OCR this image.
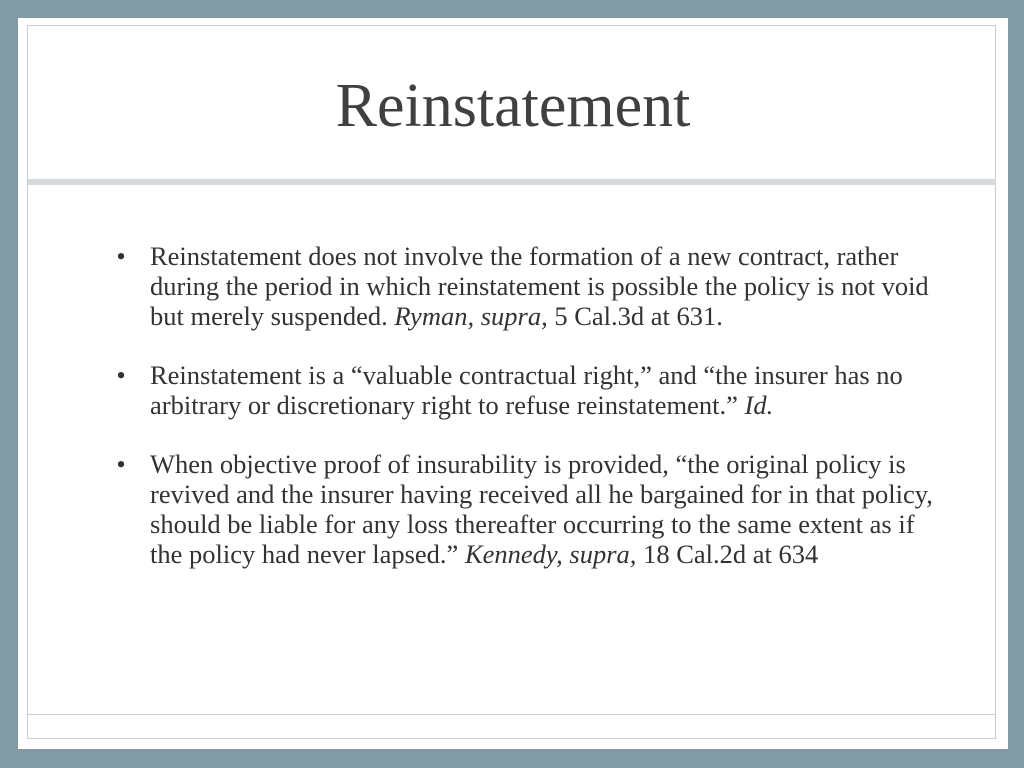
Reinstatement
• Reinstatement does not involve the formation of a new contract, rather during the period in which reinstatement is possible the policy is not void but merely suspended. Ryman, supra, 5 Cal.3d at 631.
• Reinstatement is a “valuable contractual right,” and “the insurer has no arbitrary or discretionary right to refuse reinstatement.” Id.
• When objective proof of insurability is provided, “the original policy is revived and the insurer having received all he bargained for in that policy, should be liable for any loss thereafter occurring to the same extent as if the policy had never lapsed.” Kennedy, supra, 18 Cal.2d at 634
